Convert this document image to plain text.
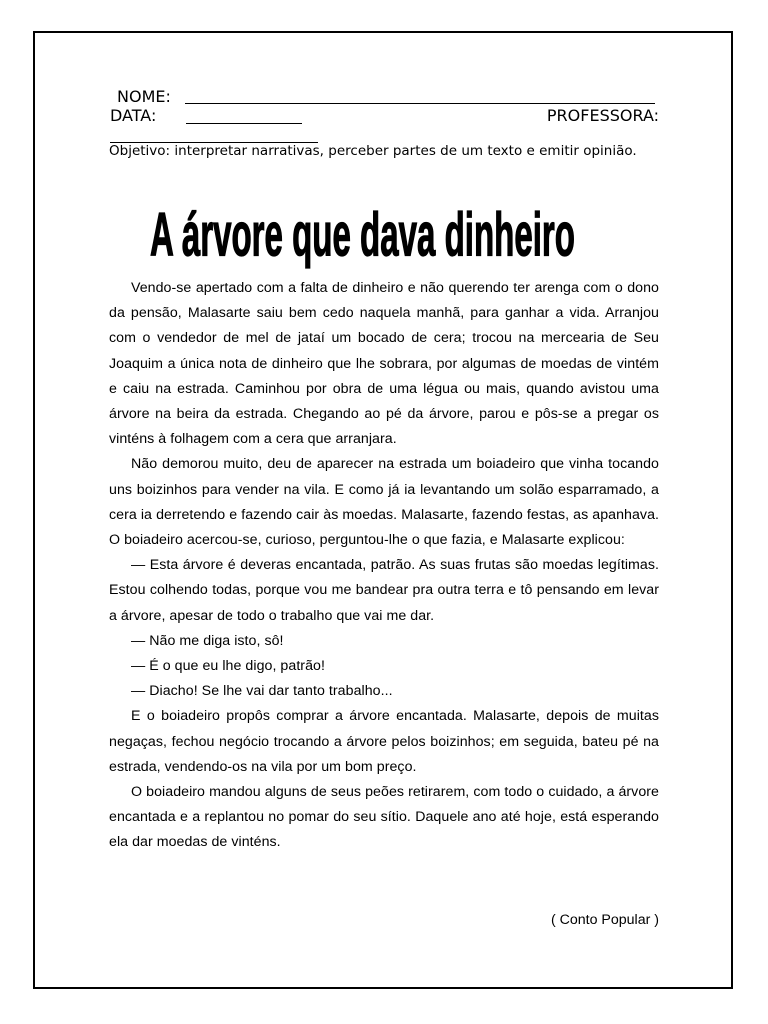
NOME:
DATA:	PROFESSORA:
Objetivo: interpretar narrativas, perceber partes de um texto e emitir opinião.
A árvore que dava dinheiro

Vendo-se apertado com a falta de dinheiro e não querendo ter arenga com o dono da pensão, Malasarte saiu bem cedo naquela manhã, para ganhar a vida. Arranjou com o vendedor de mel de jataí um bocado de cera; trocou na mercearia de Seu Joaquim a única nota de dinheiro que lhe sobrara, por algumas de moedas de vintém e caiu na estrada. Caminhou por obra de uma légua ou mais, quando avistou uma árvore na beira da estrada. Chegando ao pé da árvore, parou e pôs-se a pregar os vinténs à folhagem com a cera que arranjara.

Não demorou muito, deu de aparecer na estrada um boiadeiro que vinha tocando uns boizinhos para vender na vila. E como já ia levantando um solão esparramado, a cera ia derretendo e fazendo cair às moedas. Malasarte, fazendo festas, as apanhava. O boiadeiro acercou-se, curioso, perguntou-lhe o que fazia, e Malasarte explicou:

— Esta árvore é deveras encantada, patrão. As suas frutas são moedas legítimas. Estou colhendo todas, porque vou me bandear pra outra terra e tô pensando em levar a árvore, apesar de todo o trabalho que vai me dar.

— Não me diga isto, sô!

— É o que eu lhe digo, patrão!

— Diacho! Se lhe vai dar tanto trabalho...

E o boiadeiro propôs comprar a árvore encantada. Malasarte, depois de muitas negaças, fechou negócio trocando a árvore pelos boizinhos; em seguida, bateu pé na estrada, vendendo-os na vila por um bom preço.

O boiadeiro mandou alguns de seus peões retirarem, com todo o cuidado, a árvore encantada e a replantou no pomar do seu sítio. Daquele ano até hoje, está esperando ela dar moedas de vinténs.

( Conto Popular )
